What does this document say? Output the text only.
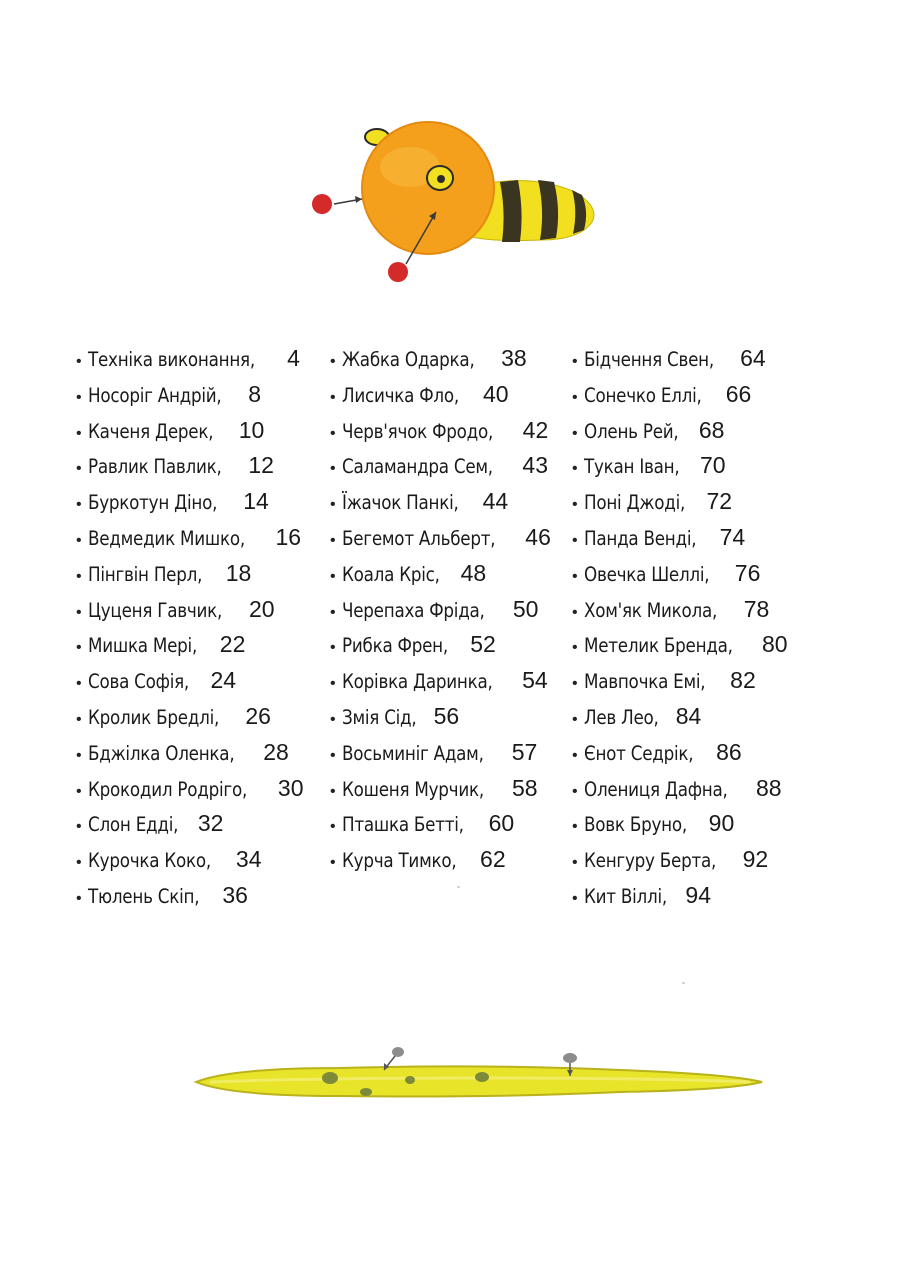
• Техніка виконання, 4
• Носоріг Андрій, 8
• Каченя Дерек, 10
• Равлик Павлик, 12
• Буркотун Діно, 14
• Ведмедик Мишко, 16
• Пінгвін Перл, 18
• Цуценя Гавчик, 20
• Мишка Мері, 22
• Сова Софія, 24
• Кролик Бредлі, 26
• Бджілка Оленка, 28
• Крокодил Родріго, 30
• Слон Едді, 32
• Курочка Коко, 34
• Тюлень Скіп, 36
• Жабка Одарка, 38
• Лисичка Фло, 40
• Черв'ячок Фродо, 42
• Саламандра Сем, 43
• Їжачок Панкі, 44
• Бегемот Альберт, 46
• Коала Кріс, 48
• Черепаха Фріда, 50
• Рибка Френ, 52
• Корівка Даринка, 54
• Змія Сід, 56
• Восьминіг Адам, 57
• Кошеня Мурчик, 58
• Пташка Бетті, 60
• Курча Тимко, 62
• Бідчення Свен, 64
• Сонечко Еллі, 66
• Олень Рей, 68
• Тукан Іван, 70
• Поні Джоді, 72
• Панда Венді, 74
• Овечка Шеллі, 76
• Хом'як Микола, 78
• Метелик Бренда, 80
• Мавпочка Емі, 82
• Лев Лео, 84
• Єнот Седрік, 86
• Олениця Дафна, 88
• Вовк Бруно, 90
• Кенгуру Берта, 92
• Кит Віллі, 94
